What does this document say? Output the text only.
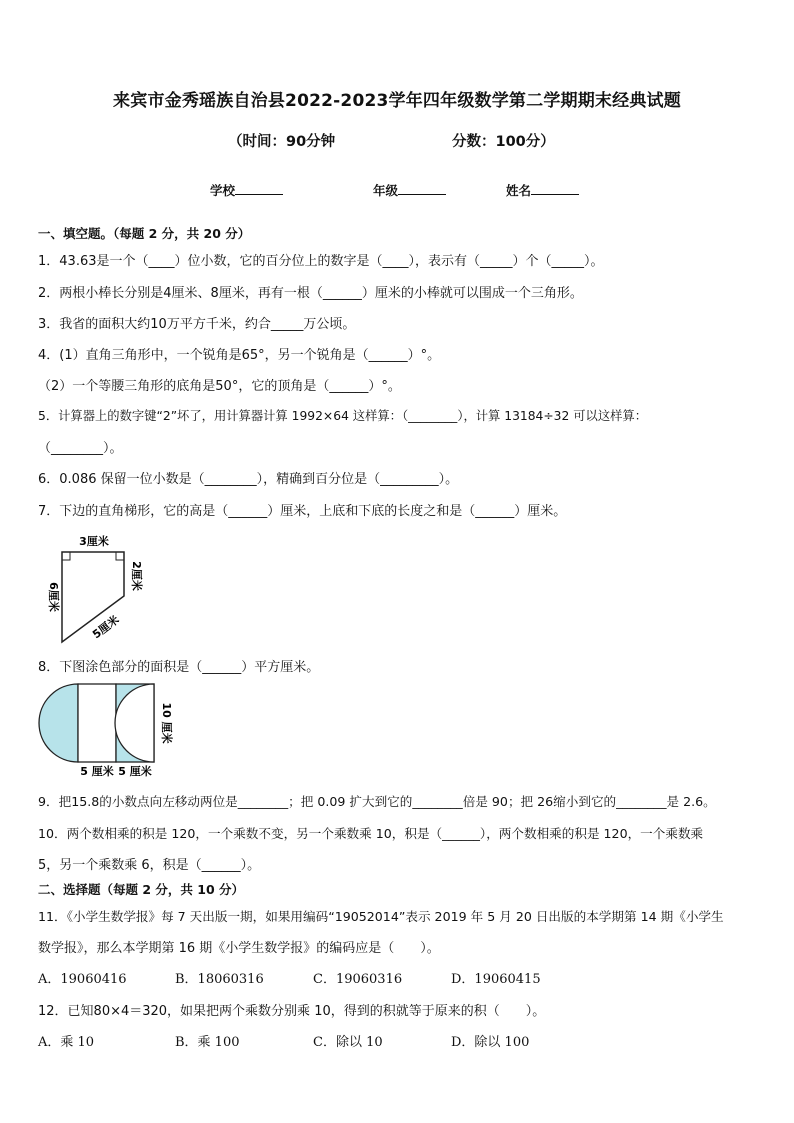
来宾市金秀瑶族自治县2022-2023学年四年级数学第二学期期末经典试题
（时间：90分钟	分数：100分）
学校	年级	姓名
一、填空题。（每题 2 分，共 20 分）
1．43.63是一个（____）位小数，它的百分位上的数字是（____），表示有（_____）个（_____）。
2．两根小棒长分别是4厘米、8厘米，再有一根（______）厘米的小棒就可以围成一个三角形。
3．我省的面积大约10万平方千米，约合_____万公顷。
4．(1）直角三角形中，一个锐角是65°，另一个锐角是（______）°。
（2）一个等腰三角形的底角是50°，它的顶角是（______）°。
5．计算器上的数字键“2”坏了，用计算器计算 1992×64 这样算：（________），计算 13184÷32 可以这样算：
（________）。
6．0.086 保留一位小数是（________），精确到百分位是（_________）。
7．下边的直角梯形，它的高是（______）厘米，上底和下底的长度之和是（______）厘米。
3厘米
6厘米
2厘米
5厘米
8．下图涂色部分的面积是（______）平方厘米。
5 厘米 5 厘米
10 厘米
9．把15.8的小数点向左移动两位是________；把 0.09 扩大到它的________倍是 90；把 26缩小到它的________是 2.6。
10．两个数相乘的积是 120，一个乘数不变，另一个乘数乘 10，积是（______），两个数相乘的积是 120，一个乘数乘
5，另一个乘数乘 6，积是（______）。
二、选择题（每题 2 分，共 10 分）
11．《小学生数学报》每 7 天出版一期，如果用编码“19052014”表示 2019 年 5 月 20 日出版的本学期第 14 期《小学生
数学报》，那么本学期第 16 期《小学生数学报》的编码应是（　　）。
A．19060416	B．18060316	C．19060316	D．19060415
12．已知80×4＝320，如果把两个乘数分别乘 10，得到的积就等于原来的积（　　）。
A．乘 10	B．乘 100	C．除以 10	D．除以 100
